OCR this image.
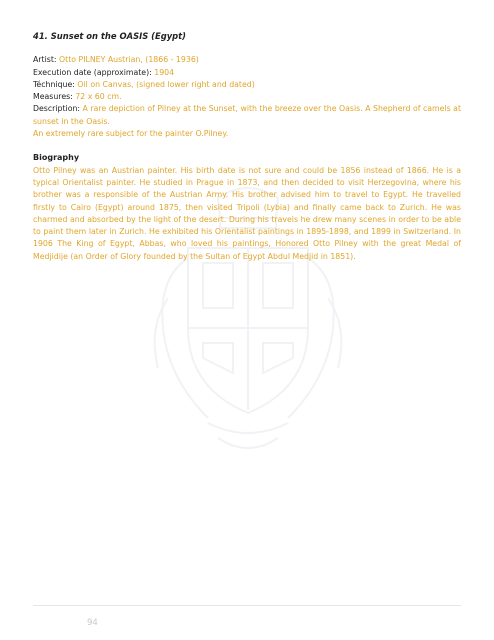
41. Sunset on the OASIS (Egypt)

Artist: Otto PILNEY Austrian, (1866 - 1936)

Execution date (approximate): 1904

Téchnique: Oil on Canvas, (signed lower right and dated)

Measures: 72 x 60 cm.

Description: A rare depiction of Pilney at the Sunset, with the breeze over the Oasis. A Shepherd of camels at sunset in the Oasis.

An extremely rare subject for the painter O.Pilney.

Biography

Otto Pilney was an Austrian painter. His birth date is not sure and could be 1856 instead of 1866. He is a typical Orientalist painter. He studied in Prague in 1873, and then decided to visit Herzegovina, where his brother was a responsible of the Austrian Army. His brother advised him to travel to Egypt. He travelled firstly to Cairo (Egypt) around 1875, then visited Tripoli (Lybia) and finally came back to Zurich. He was charmed and absorbed by the light of the desert. During his travels he drew many scenes in order to be able to paint them later in Zurich. He exhibited his Orientalist paintings in 1895-1898, and 1899 in Switzerland. In 1906 The King of Egypt, Abbas, who loved his paintings, Honored Otto Pilney with the great Medal of Medjidije (an Order of Glory founded by the Sultan of Egypt Abdul Medjid in 1851).

94
